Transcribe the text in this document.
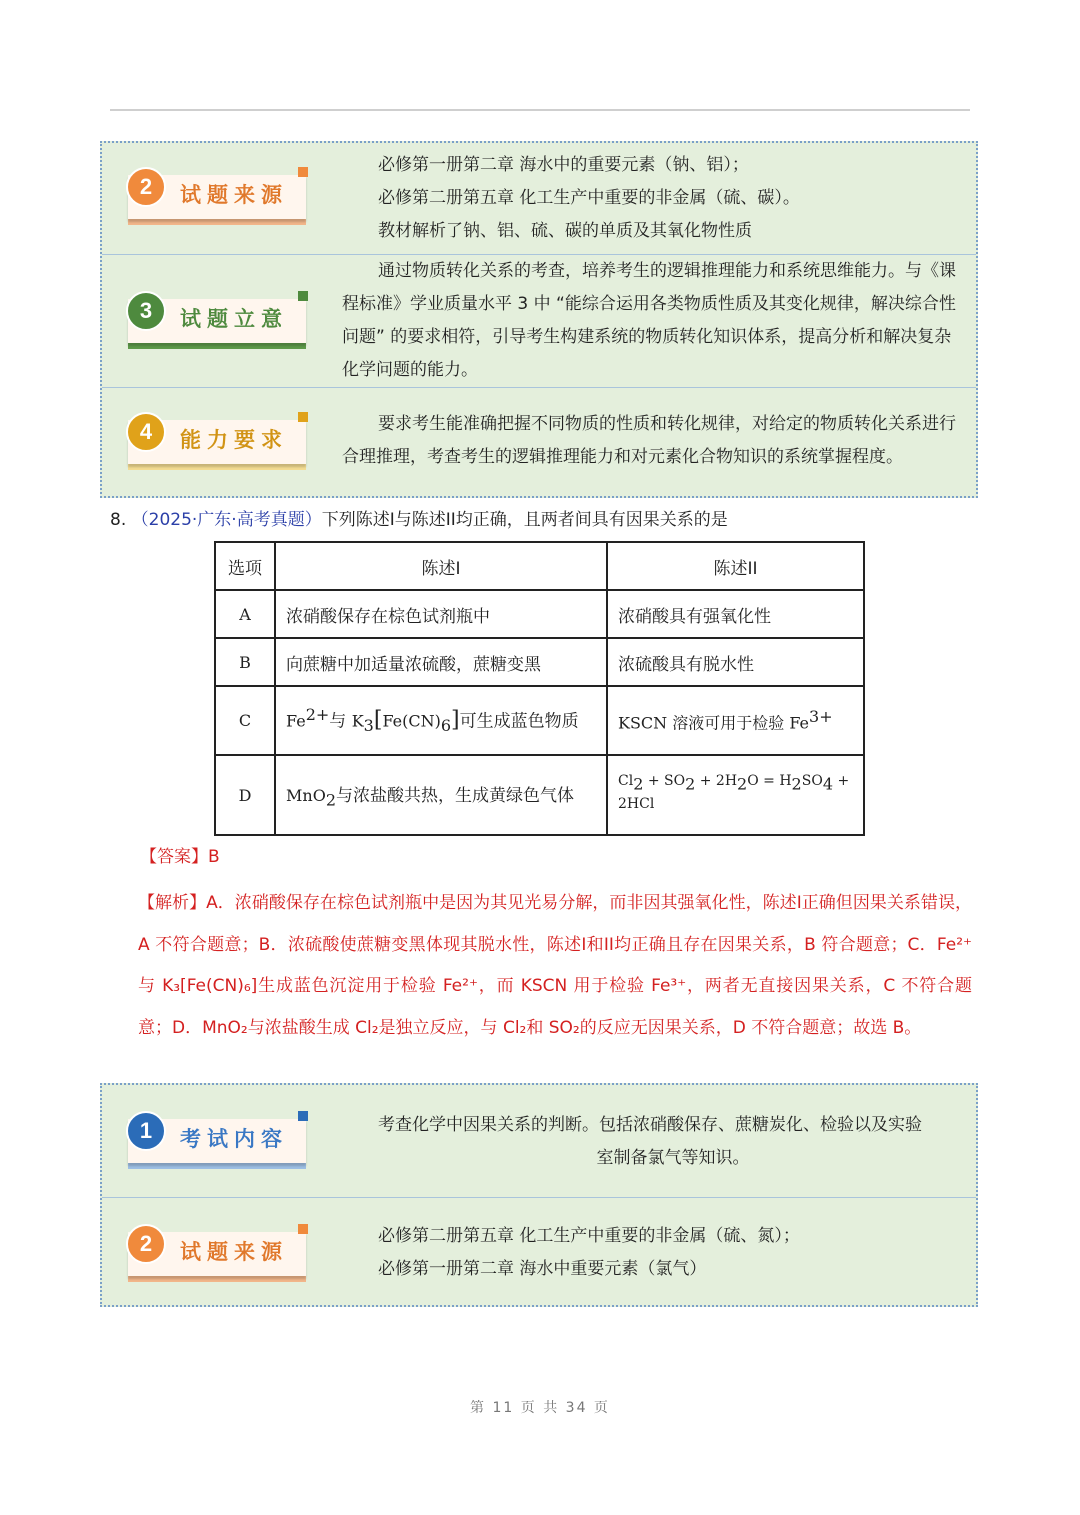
2	试题来源

必修第一册第二章 海水中的重要元素（钠、铝）；

必修第二册第五章 化工生产中重要的非金属（硫、碳）。

教材解析了钠、铝、硫、碳的单质及其氧化物性质

3	试题立意

通过物质转化关系的考查，培养考生的逻辑推理能力和系统思维能力。与《课程标准》学业质量水平 3 中 “能综合运用各类物质性质及其变化规律，解决综合性问题” 的要求相符，引导考生构建系统的物质转化知识体系，提高分析和解决复杂化学问题的能力。

4	能力要求

要求考生能准确把握不同物质的性质和转化规律，对给定的物质转化关系进行合理推理，考查考生的逻辑推理能力和对元素化合物知识的系统掌握程度。

8. （2025·广东·高考真题）下列陈述I与陈述II均正确，且两者间具有因果关系的是
选项	陈述I	陈述II
A	浓硝酸保存在棕色试剂瓶中	浓硝酸具有强氧化性
B	向蔗糖中加适量浓硫酸，蔗糖变黑	浓硫酸具有脱水性
C	$Fe^{2+}$与 $K_3[Fe(CN)_6]$可生成蓝色物质	KSCN 溶液可用于检验 $Fe^{3+}$
D	MnO$_2$与浓盐酸共热，生成黄绿色气体	$Cl_2 + SO_2 + 2H_2O = H_2SO_4 + 2HCl$
【答案】B
【解析】A．浓硝酸保存在棕色试剂瓶中是因为其见光易分解，而非因其强氧化性，陈述I正确但因果关系错误，A 不符合题意；B．浓硫酸使蔗糖变黑体现其脱水性，陈述I和II均正确且存在因果关系，B 符合题意；C．Fe²⁺与 K₃[Fe(CN)₆]生成蓝色沉淀用于检验 Fe²⁺，而 KSCN 用于检验 Fe³⁺，两者无直接因果关系，C 不符合题意；D．MnO₂与浓盐酸生成 Cl₂是独立反应，与 Cl₂和 SO₂的反应无因果关系，D 不符合题意；故选 B。
1	考试内容

考查化学中因果关系的判断。包括浓硝酸保存、蔗糖炭化、检验以及实验

室制备氯气等知识。

2	试题来源

必修第二册第五章 化工生产中重要的非金属（硫、氮）；

必修第一册第二章 海水中重要元素（氯气）

第 11 页 共 34 页
